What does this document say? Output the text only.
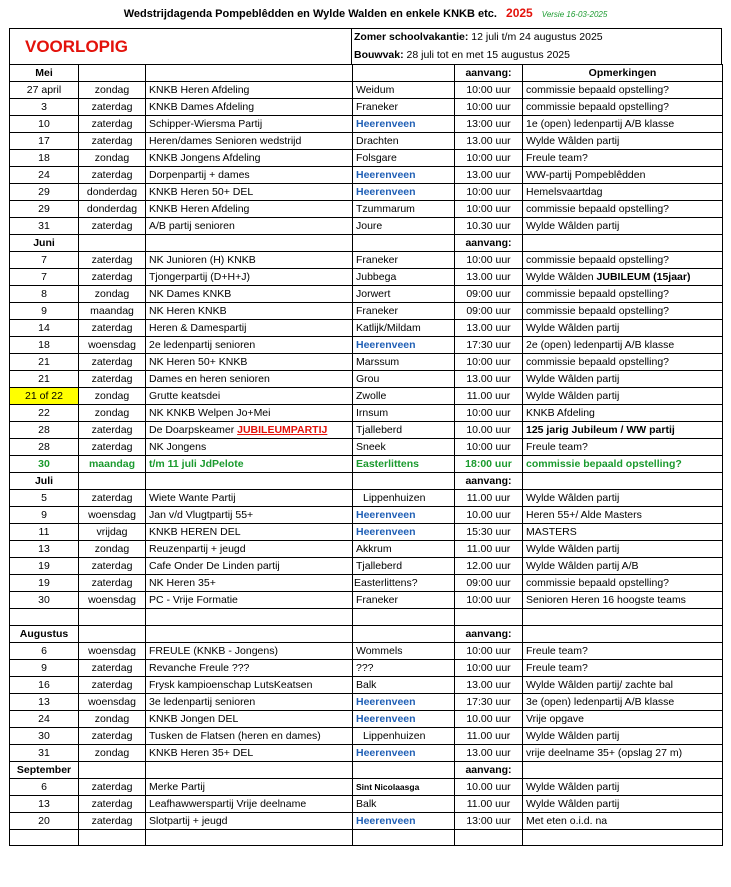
Wedstrijdagenda Pompeblêdden en Wylde Walden en enkele KNKB etc. 2025 Versie 16-03-2025
VOORLOPIG	Zomer schoolvakantie: 12 juli t/m 24 augustus 2025
Bouwvak: 28 juli tot en met 15 augustus 2025
Mei				aanvang:	Opmerkingen
27 april	zondag	KNKB Heren Afdeling	Weidum	10:00 uur	commissie bepaald opstelling?
3	zaterdag	KNKB Dames Afdeling	Franeker	10:00 uur	commissie bepaald opstelling?
10	zaterdag	Schipper-Wiersma Partij	Heerenveen	13:00 uur	1e (open) ledenpartij A/B klasse
17	zaterdag	Heren/dames Senioren wedstrijd	Drachten	13.00 uur	Wylde Wâlden partij
18	zondag	KNKB Jongens Afdeling	Folsgare	10:00 uur	Freule team?
24	zaterdag	Dorpenpartij + dames	Heerenveen	13.00 uur	WW-partij Pompeblêdden
29	donderdag	KNKB Heren 50+ DEL	Heerenveen	10:00 uur	Hemelsvaartdag
29	donderdag	KNKB Heren Afdeling	Tzummarum	10:00 uur	commissie bepaald opstelling?
31	zaterdag	A/B partij senioren	Joure	10.30 uur	Wylde Wâlden partij
Juni				aanvang:	
7	zaterdag	NK Junioren (H) KNKB	Franeker	10:00 uur	commissie bepaald opstelling?
7	zaterdag	Tjongerpartij (D+H+J)	Jubbega	13.00 uur	Wylde Wâlden JUBILEUM (15jaar)
8	zondag	NK Dames KNKB	Jorwert	09:00 uur	commissie bepaald opstelling?
9	maandag	NK Heren KNKB	Franeker	09:00 uur	commissie bepaald opstelling?
14	zaterdag	Heren & Damespartij	Katlijk/Mildam	13.00 uur	Wylde Wâlden partij
18	woensdag	2e ledenpartij senioren	Heerenveen	17:30 uur	2e (open) ledenpartij A/B klasse
21	zaterdag	NK Heren 50+ KNKB	Marssum	10:00 uur	commissie bepaald opstelling?
21	zaterdag	Dames en heren senioren	Grou	13.00 uur	Wylde Wâlden partij
21 of 22	zondag	Grutte keatsdei	Zwolle	11.00 uur	Wylde Wâlden partij
22	zondag	NK KNKB Welpen Jo+Mei	Irnsum	10:00 uur	KNKB Afdeling
28	zaterdag	De Doarpskeamer JUBILEUMPARTIJ	Tjalleberd	10.00 uur	125 jarig Jubileum / WW partij
28	zaterdag	NK Jongens	Sneek	10:00 uur	Freule team?
30	maandag	t/m 11 juli JdPelote	Easterlittens	18:00 uur	commissie bepaald opstelling?
Juli				aanvang:	
5	zaterdag	Wiete Wante Partij	Lippenhuizen	11.00 uur	Wylde Wâlden partij
9	woensdag	Jan v/d Vlugtpartij 55+	Heerenveen	10.00 uur	Heren 55+/ Alde Masters
11	vrijdag	KNKB HEREN DEL	Heerenveen	15:30 uur	MASTERS
13	zondag	Reuzenpartij + jeugd	Akkrum	11.00 uur	Wylde Wâlden partij
19	zaterdag	Cafe Onder De Linden partij	Tjalleberd	12.00 uur	Wylde Wâlden partij A/B
19	zaterdag	NK Heren 35+	Easterlittens?	09:00 uur	commissie bepaald opstelling?
30	woensdag	PC - Vrije Formatie	Franeker	10:00 uur	Senioren Heren 16 hoogste teams

Augustus				aanvang:	
6	woensdag	FREULE (KNKB - Jongens)	Wommels	10:00 uur	Freule team?
9	zaterdag	Revanche Freule ???	???	10:00 uur	Freule team?
16	zaterdag	Frysk kampioenschap LutsKeatsen	Balk	13.00 uur	Wylde Wâlden partij/ zachte bal
13	woensdag	3e ledenpartij senioren	Heerenveen	17:30 uur	3e (open) ledenpartij A/B klasse
24	zondag	KNKB Jongen DEL	Heerenveen	10.00 uur	Vrije opgave
30	zaterdag	Tusken de Flatsen (heren en dames)	Lippenhuizen	11.00 uur	Wylde Wâlden partij
31	zondag	KNKB Heren 35+ DEL	Heerenveen	13.00 uur	vrije deelname 35+ (opslag 27 m)
September				aanvang:	
6	zaterdag	Merke Partij	Sint Nicolaasga	10.00 uur	Wylde Wâlden partij
13	zaterdag	Leafhawwerspartij Vrije deelname	Balk	11.00 uur	Wylde Wâlden partij
20	zaterdag	Slotpartij + jeugd	Heerenveen	13:00 uur	Met eten o.i.d. na
